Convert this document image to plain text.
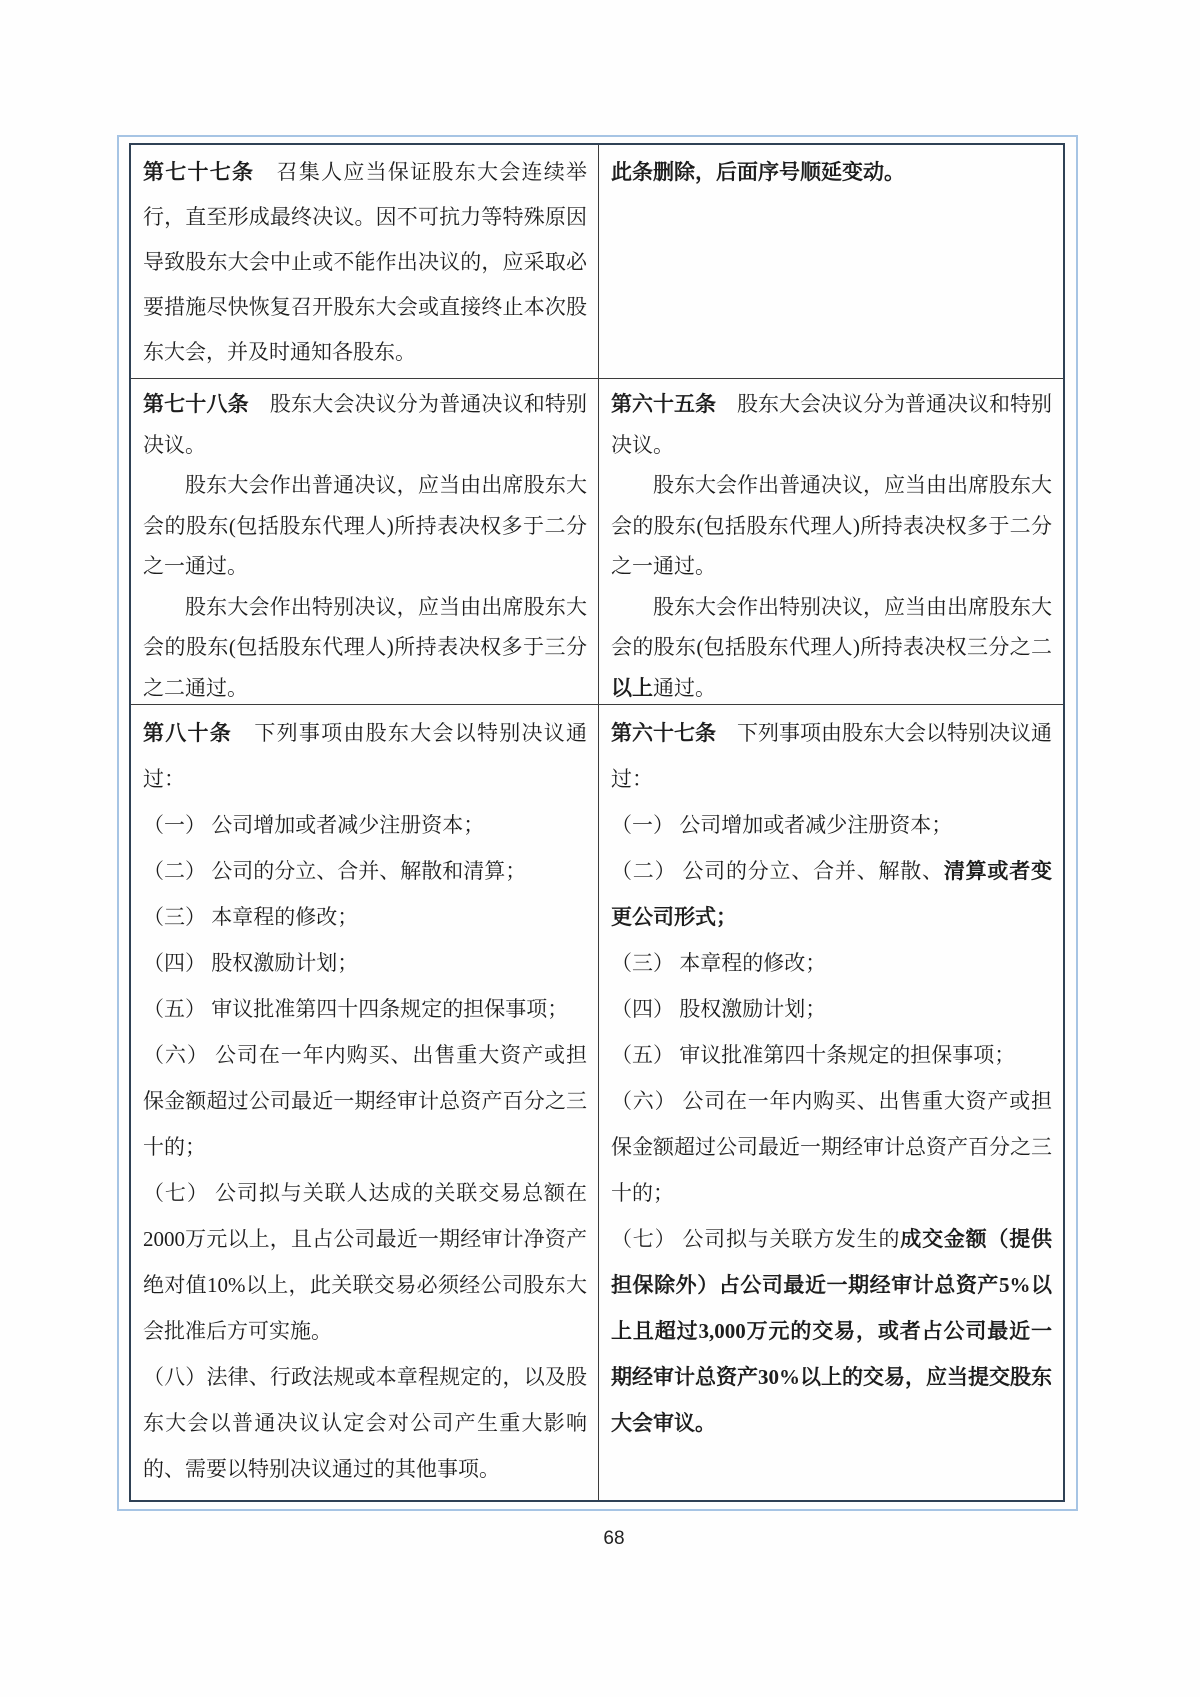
第七十七条　召集人应当保证股东大会连续举行，直至形成最终决议。因不可抗力等特殊原因导致股东大会中止或不能作出决议的，应采取必要措施尽快恢复召开股东大会或直接终止本次股东大会，并及时通知各股东。

此条删除，后面序号顺延变动。

第七十八条　股东大会决议分为普通决议和特别决议。

股东大会作出普通决议，应当由出席股东大会的股东(包括股东代理人)所持表决权多于二分之一通过。

股东大会作出特别决议，应当由出席股东大会的股东(包括股东代理人)所持表决权多于三分之二通过。

第六十五条　股东大会决议分为普通决议和特别决议。

股东大会作出普通决议，应当由出席股东大会的股东(包括股东代理人)所持表决权多于二分之一通过。

股东大会作出特别决议，应当由出席股东大会的股东(包括股东代理人)所持表决权三分之二以上通过。

第八十条　下列事项由股东大会以特别决议通过：

（一） 公司增加或者减少注册资本；

（二） 公司的分立、合并、解散和清算；

（三） 本章程的修改；

（四） 股权激励计划；

（五） 审议批准第四十四条规定的担保事项；

（六） 公司在一年内购买、出售重大资产或担保金额超过公司最近一期经审计总资产百分之三十的；

（七） 公司拟与关联人达成的关联交易总额在2000万元以上，且占公司最近一期经审计净资产绝对值10%以上，此关联交易必须经公司股东大会批准后方可实施。

（八）法律、行政法规或本章程规定的，以及股东大会以普通决议认定会对公司产生重大影响的、需要以特别决议通过的其他事项。

第六十七条　下列事项由股东大会以特别决议通过：

（一） 公司增加或者减少注册资本；

（二） 公司的分立、合并、解散、清算或者变更公司形式；

（三） 本章程的修改；

（四） 股权激励计划；

（五） 审议批准第四十条规定的担保事项；

（六） 公司在一年内购买、出售重大资产或担保金额超过公司最近一期经审计总资产百分之三十的；

（七） 公司拟与关联方发生的成交金额（提供担保除外）占公司最近一期经审计总资产5%以上且超过3,000万元的交易，或者占公司最近一期经审计总资产30%以上的交易，应当提交股东大会审议。

68
